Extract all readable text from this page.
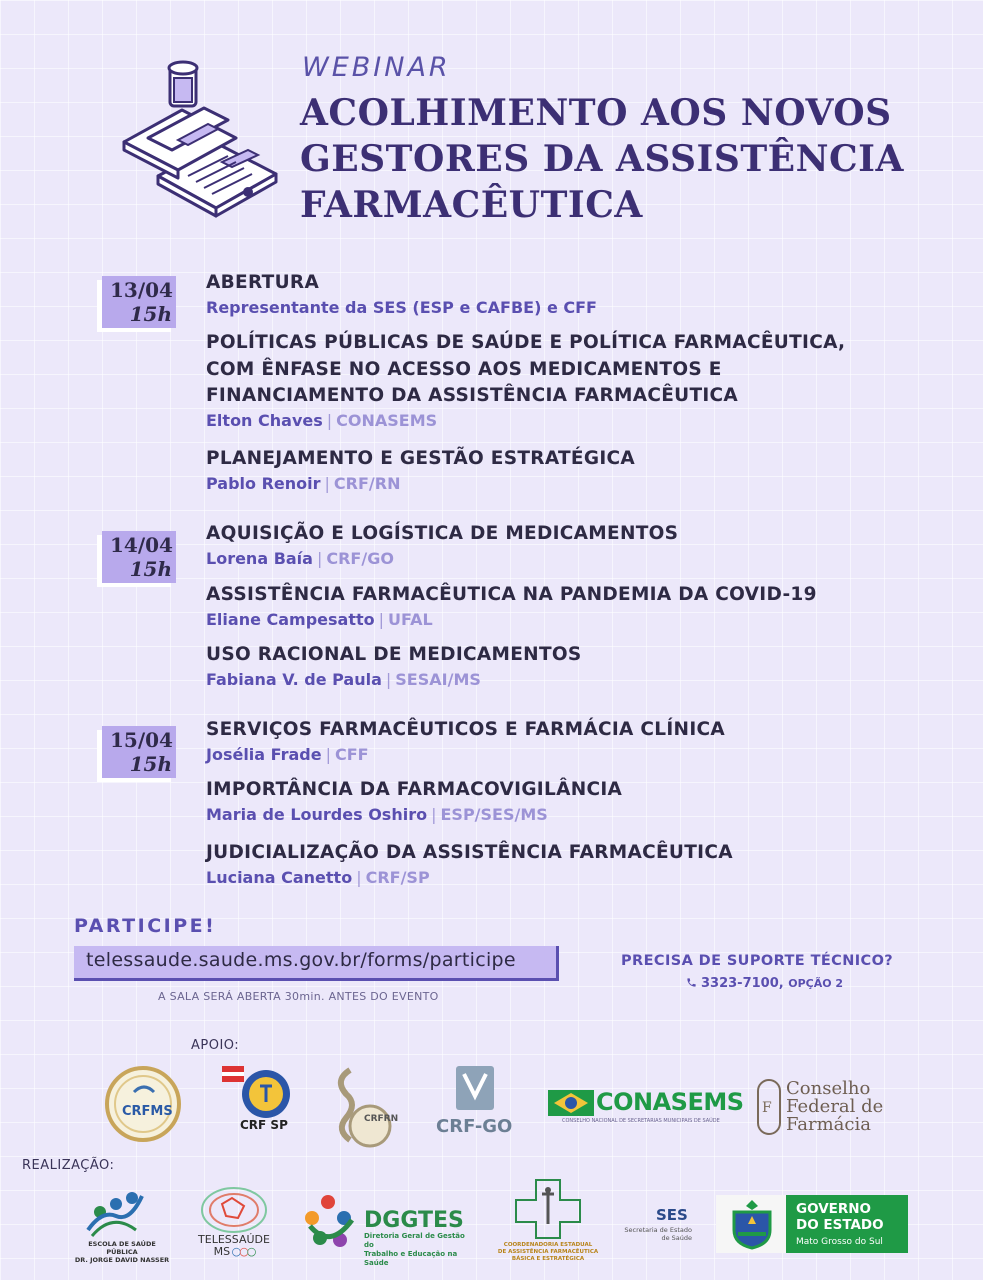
WEBINAR
ACOLHIMENTO AOS NOVOS
GESTORES DA ASSISTÊNCIA
FARMACÊUTICA
13/04
15h
ABERTURA
Representante da SES (ESP e CAFBE) e CFF
POLÍTICAS PÚBLICAS DE SAÚDE E POLÍTICA FARMACÊUTICA, COM ÊNFASE NO ACESSO AOS MEDICAMENTOS E FINANCIAMENTO DA ASSISTÊNCIA FARMACÊUTICA
Elton Chaves | CONASEMS
PLANEJAMENTO E GESTÃO ESTRATÉGICA
Pablo Renoir | CRF/RN
14/04
15h
AQUISIÇÃO E LOGÍSTICA DE MEDICAMENTOS
Lorena Baía | CRF/GO
ASSISTÊNCIA FARMACÊUTICA NA PANDEMIA DA COVID-19
Eliane Campesatto | UFAL
USO RACIONAL DE MEDICAMENTOS
Fabiana V. de Paula | SESAI/MS
15/04
15h
SERVIÇOS FARMACÊUTICOS E FARMÁCIA CLÍNICA
Josélia Frade | CFF
IMPORTÂNCIA DA FARMACOVIGILÂNCIA
Maria de Lourdes Oshiro | ESP/SES/MS
JUDICIALIZAÇÃO DA ASSISTÊNCIA FARMACÊUTICA
Luciana Canetto | CRF/SP
PARTICIPE!
telessaude.saude.ms.gov.br/forms/participe
A SALA SERÁ ABERTA 30min. ANTES DO EVENTO
PRECISA DE SUPORTE TÉCNICO?
3323-7100, OPÇÃO 2
APOIO:
CRFMS
CRF SP	CRFRN CRF-GO
CONASEMS
CONSELHO NACIONAL DE SECRETARIAS MUNICIPAIS DE SAÚDE
F
Conselho
Federal de
Farmácia
REALIZAÇÃO:
ESCOLA DE SAÚDE PÚBLICA
DR. JORGE DAVID NASSER
TELESSAÚDE
MS ○○○
DGGTES
Diretoria Geral de Gestão do
Trabalho e Educação na Saúde
COORDENADORIA ESTADUAL
DE ASSISTÊNCIA FARMACÊUTICA
BÁSICA E ESTRATÉGICA
SES
Secretaria de Estado
de Saúde
GOVERNO
DO ESTADO
Mato Grosso do Sul
